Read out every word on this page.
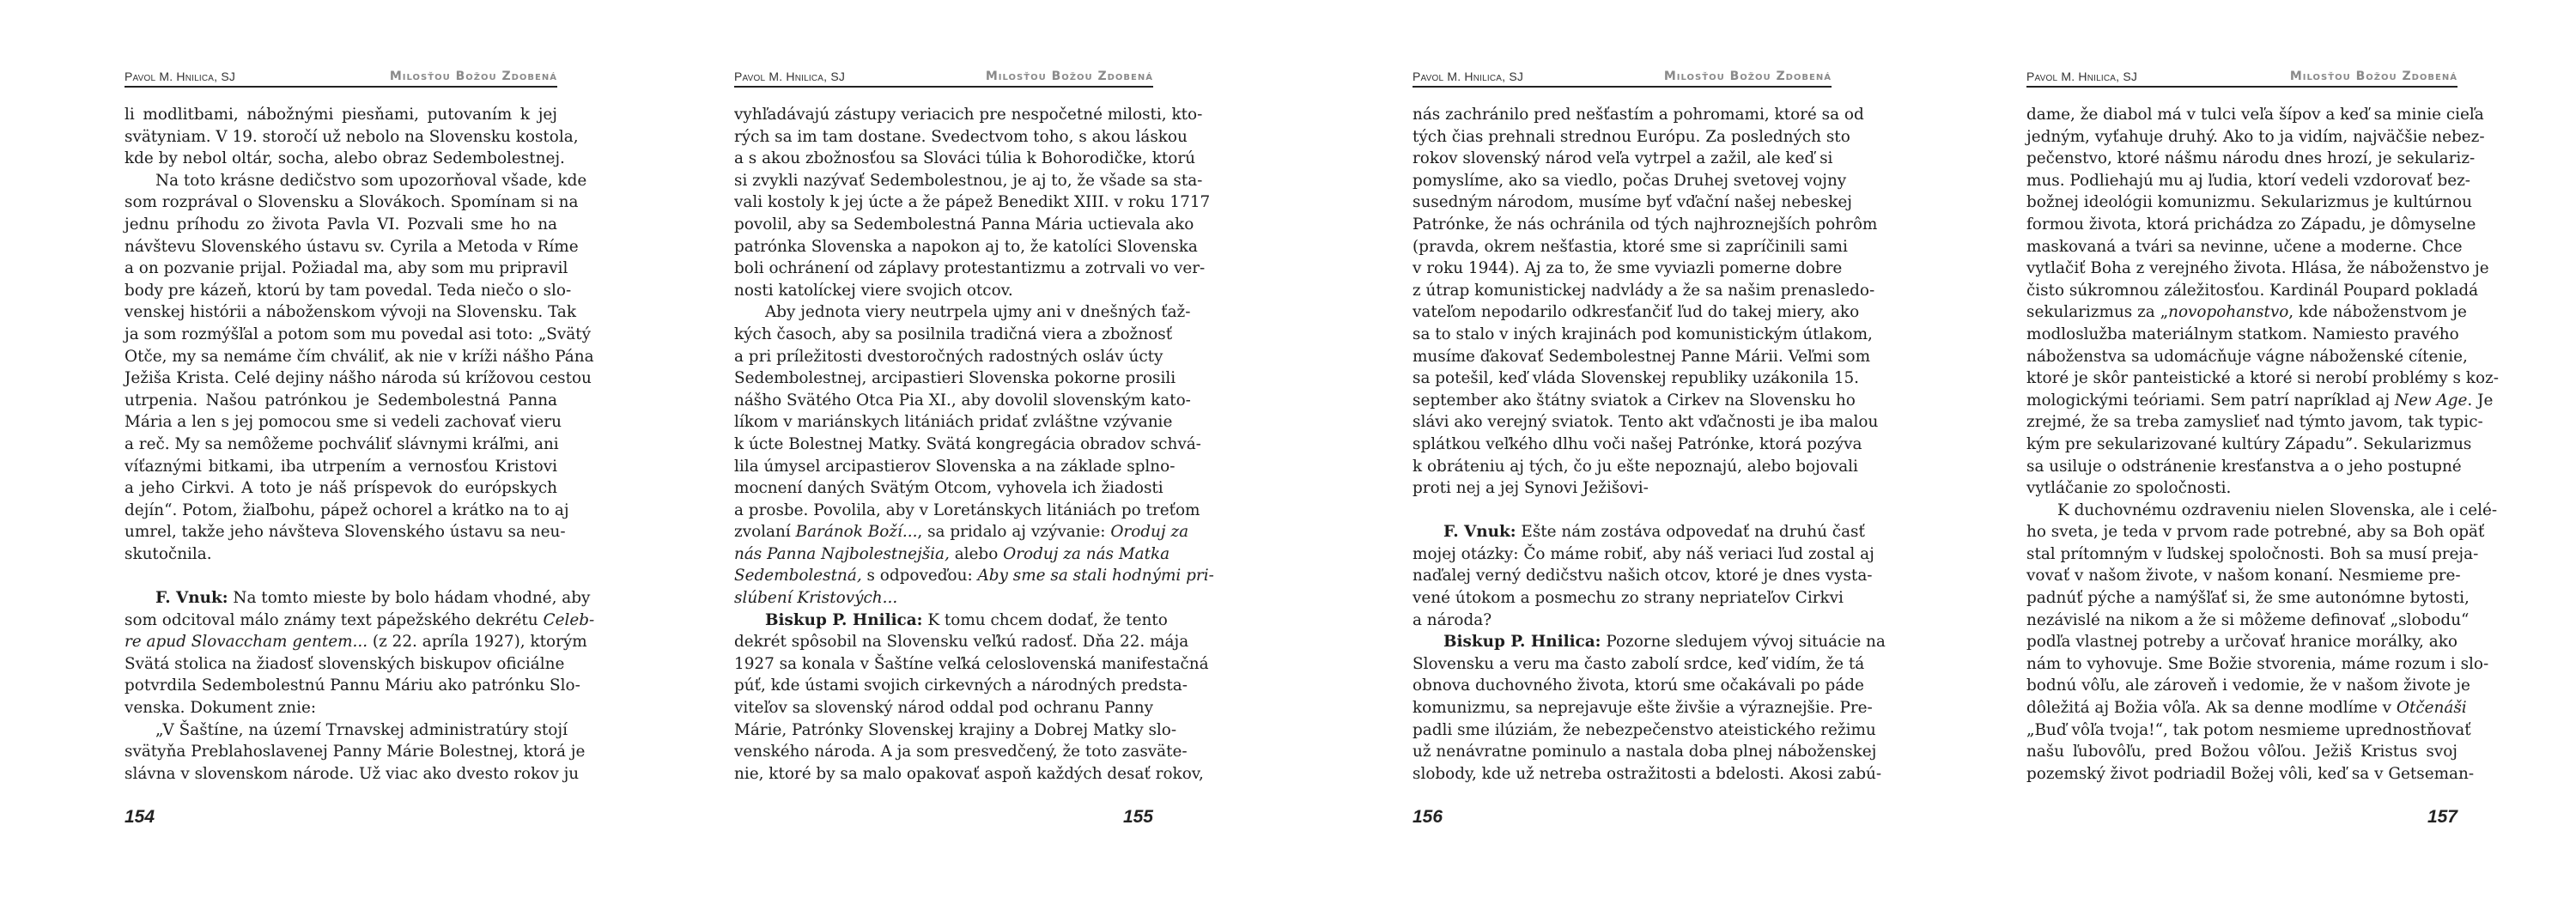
Pavol M. Hnilica, SJ	Milosťou Božou Zdobená

li modlitbami, nábožnými piesňami, putovaním k jej
svätyniam. V 19. storočí už nebolo na Slovensku kostola,
kde by nebol oltár, socha, alebo obraz Sedembolestnej.

Na toto krásne dedičstvo som upozorňoval všade, kde
som rozprával o Slovensku a Slovákoch. Spomínam si na
jednu príhodu zo života Pavla VI. Pozvali sme ho na
návštevu Slovenského ústavu sv. Cyrila a Metoda v Ríme
a on pozvanie prijal. Požiadal ma, aby som mu pripravil
body pre kázeň, ktorú by tam povedal. Teda niečo o slo-
venskej histórii a náboženskom vývoji na Slovensku. Tak
ja som rozmýšľal a potom som mu povedal asi toto: „Svätý
Otče, my sa nemáme čím chváliť, ak nie v kríži nášho Pána
Ježiša Krista. Celé dejiny nášho národa sú krížovou cestou
utrpenia. Našou patrónkou je Sedembolestná Panna
Mária a len s jej pomocou sme si vedeli zachovať vieru
a reč. My sa nemôžeme pochváliť slávnymi kráľmi, ani
víťaznými bitkami, iba utrpením a vernosťou Kristovi
a jeho Cirkvi. A toto je náš príspevok do európskych
dejín“. Potom, žiaľbohu, pápež ochorel a krátko na to aj
umrel, takže jeho návšteva Slovenského ústavu sa neu-
skutočnila.

F. Vnuk: Na tomto mieste by bolo hádam vhodné, aby
som odcitoval málo známy text pápežského dekrétu Celeb-
re apud Slovaccham gentem... (z 22. apríla 1927), ktorým
Svätá stolica na žiadosť slovenských biskupov oficiálne
potvrdila Sedembolestnú Pannu Máriu ako patrónku Slo-
venska. Dokument znie:

„V Šaštíne, na území Trnavskej administratúry stojí
svätyňa Preblahoslavenej Panny Márie Bolestnej, ktorá je
slávna v slovenskom národe. Už viac ako dvesto rokov ju

154
Pavol M. Hnilica, SJ	Milosťou Božou Zdobená

vyhľadávajú zástupy veriacich pre nespočetné milosti, kto-
rých sa im tam dostane. Svedectvom toho, s akou láskou
a s akou zbožnosťou sa Slováci túlia k Bohorodičke, ktorú
si zvykli nazývať Sedembolestnou, je aj to, že všade sa sta-
vali kostoly k jej úcte a že pápež Benedikt XIII. v roku 1717
povolil, aby sa Sedembolestná Panna Mária uctievala ako
patrónka Slovenska a napokon aj to, že katolíci Slovenska
boli ochránení od záplavy protestantizmu a zotrvali vo ver-
nosti katolíckej viere svojich otcov.

Aby jednota viery neutrpela ujmy ani v dnešných ťaž-
kých časoch, aby sa posilnila tradičná viera a zbožnosť
a pri príležitosti dvestoročných radostných osláv úcty
Sedembolestnej, arcipastieri Slovenska pokorne prosili
nášho Svätého Otca Pia XI., aby dovolil slovenským kato-
líkom v mariánskych litániách pridať zvláštne vzývanie
k úcte Bolestnej Matky. Svätá kongregácia obradov schvá-
lila úmysel arcipastierov Slovenska a na základe splno-
mocnení daných Svätým Otcom, vyhovela ich žiadosti
a prosbe. Povolila, aby v Loretánskych litániách po treťom
zvolaní Baránok Boží..., sa pridalo aj vzývanie: Oroduj za
nás Panna Najbolestnejšia, alebo Oroduj za nás Matka
Sedembolestná, s odpoveďou: Aby sme sa stali hodnými pri-
slúbení Kristových...

Biskup P. Hnilica: K tomu chcem dodať, že tento
dekrét spôsobil na Slovensku veľkú radosť. Dňa 22. mája
1927 sa konala v Šaštíne veľká celoslovenská manifestačná
púť, kde ústami svojich cirkevných a národných predsta-
viteľov sa slovenský národ oddal pod ochranu Panny
Márie, Patrónky Slovenskej krajiny a Dobrej Matky slo-
venského národa. A ja som presvedčený, že toto zasväte-
nie, ktoré by sa malo opakovať aspoň každých desať rokov,

155
Pavol M. Hnilica, SJ	Milosťou Božou Zdobená

nás zachránilo pred nešťastím a pohromami, ktoré sa od
tých čias prehnali strednou Európu. Za posledných sto
rokov slovenský národ veľa vytrpel a zažil, ale keď si
pomyslíme, ako sa viedlo, počas Druhej svetovej vojny
susedným národom, musíme byť vďační našej nebeskej
Patrónke, že nás ochránila od tých najhroznejších pohrôm
(pravda, okrem nešťastia, ktoré sme si zapríčinili sami
v roku 1944). Aj za to, že sme vyviazli pomerne dobre
z útrap komunistickej nadvlády a že sa našim prenasledo-
vateľom nepodarilo odkresťančiť ľud do takej miery, ako
sa to stalo v iných krajinách pod komunistickým útlakom,
musíme ďakovať Sedembolestnej Panne Márii. Veľmi som
sa potešil, keď vláda Slovenskej republiky uzákonila 15.
september ako štátny sviatok a Cirkev na Slovensku ho
slávi ako verejný sviatok. Tento akt vďačnosti je iba malou
splátkou veľkého dlhu voči našej Patrónke, ktorá pozýva
k obráteniu aj tých, čo ju ešte nepoznajú, alebo bojovali
proti nej a jej Synovi Ježišovi-

F. Vnuk: Ešte nám zostáva odpovedať na druhú časť
mojej otázky: Čo máme robiť, aby náš veriaci ľud zostal aj
naďalej verný dedičstvu našich otcov, ktoré je dnes vysta-
vené útokom a posmechu zo strany nepriateľov Cirkvi
a národa?

Biskup P. Hnilica: Pozorne sledujem vývoj situácie na
Slovensku a veru ma často zabolí srdce, keď vidím, že tá
obnova duchovného života, ktorú sme očakávali po páde
komunizmu, sa neprejavuje ešte živšie a výraznejšie. Pre-
padli sme ilúziám, že nebezpečenstvo ateistického režimu
už nenávratne pominulo a nastala doba plnej náboženskej
slobody, kde už netreba ostražitosti a bdelosti. Akosi zabú-

156
Pavol M. Hnilica, SJ	Milosťou Božou Zdobená

dame, že diabol má v tulci veľa šípov a keď sa minie cieľa
jedným, vyťahuje druhý. Ako to ja vidím, najväčšie nebez-
pečenstvo, ktoré nášmu národu dnes hrozí, je sekulariz-
mus. Podliehajú mu aj ľudia, ktorí vedeli vzdorovať bez-
božnej ideológii komunizmu. Sekularizmus je kultúrnou
formou života, ktorá prichádza zo Západu, je dômyselne
maskovaná a tvári sa nevinne, učene a moderne. Chce
vytlačiť Boha z verejného života. Hlása, že náboženstvo je
čisto súkromnou záležitosťou. Kardinál Poupard pokladá
sekularizmus za „novopohanstvo, kde náboženstvom je
modloslužba materiálnym statkom. Namiesto pravého
náboženstva sa udomácňuje vágne náboženské cítenie,
ktoré je skôr panteistické a ktoré si nerobí problémy s koz-
mologickými teóriami. Sem patrí napríklad aj New Age. Je
zrejmé, že sa treba zamyslieť nad týmto javom, tak typic-
kým pre sekularizované kultúry Západu”. Sekularizmus
sa usiluje o odstránenie kresťanstva a o jeho postupné
vytláčanie zo spoločnosti.

K duchovnému ozdraveniu nielen Slovenska, ale i celé-
ho sveta, je teda v prvom rade potrebné, aby sa Boh opäť
stal prítomným v ľudskej spoločnosti. Boh sa musí preja-
vovať v našom živote, v našom konaní. Nesmieme pre-
padnúť pýche a namýšľať si, že sme autonómne bytosti,
nezávislé na nikom a že si môžeme definovať „slobodu“
podľa vlastnej potreby a určovať hranice morálky, ako
nám to vyhovuje. Sme Božie stvorenia, máme rozum i slo-
bodnú vôľu, ale zároveň i vedomie, že v našom živote je
dôležitá aj Božia vôľa. Ak sa denne modlíme v Otčenáši
„Buď vôľa tvoja!“, tak potom nesmieme uprednostňovať
našu ľubovôľu, pred Božou vôľou. Ježiš Kristus svoj
pozemský život podriadil Božej vôli, keď sa v Getseman-

157
